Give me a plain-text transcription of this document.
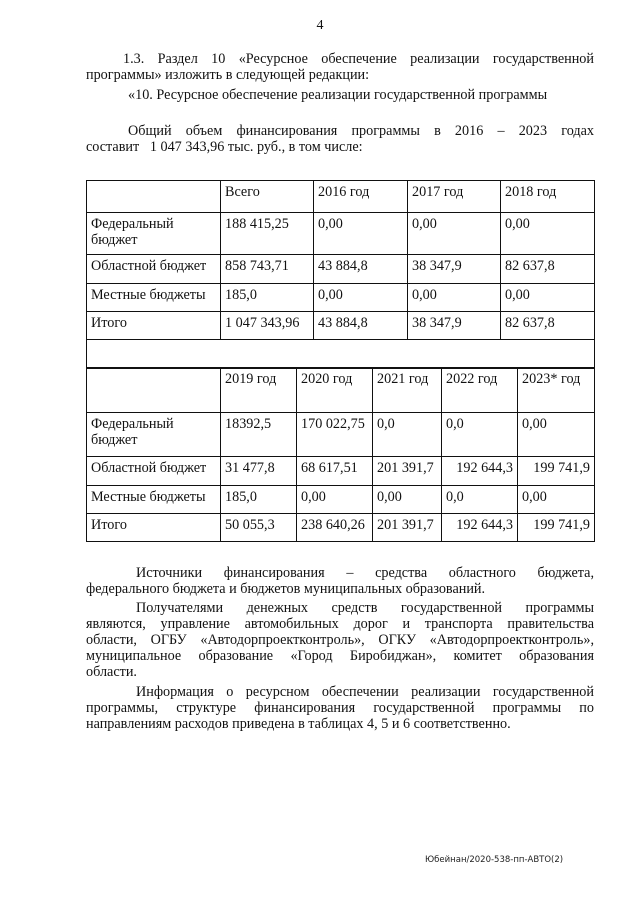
4
1.3. Раздел 10 «Ресурсное обеспечение реализации государственной
программы» изложить в следующей редакции:
«10. Ресурсное обеспечение реализации государственной программы
Общий объем финансирования программы в 2016 – 2023 годах
составит   1 047 343,96 тыс. руб., в том числе:
	Всего	2016 год	2017 год	2018 год
Федеральный бюджет	188 415,25	0,00	0,00	0,00
Областной бюджет	858 743,71	43 884,8	38 347,9	82 637,8
Местные бюджеты	185,0	0,00	0,00	0,00
Итого	1 047 343,96	43 884,8	38 347,9	82 637,8
	2019 год	2020 год	2021 год	2022 год	2023* год
Федеральный бюджет	18392,5	170 022,75	0,0	0,0	0,00
Областной бюджет	31 477,8	68 617,51	201 391,7	192 644,3	199 741,9
Местные бюджеты	185,0	0,00	0,00	0,0	0,00
Итого	50 055,3	238 640,26	201 391,7	192 644,3	199 741,9
Источники финансирования – средства областного бюджета,
федерального бюджета и бюджетов муниципальных образований.
Получателями денежных средств государственной программы
являются, управление автомобильных дорог и транспорта правительства
области, ОГБУ «Автодорпроектконтроль», ОГКУ «Автодорпроектконтроль»,
муниципальное образование «Город Биробиджан», комитет образования
области.
Информация о ресурсном обеспечении реализации государственной
программы, структуре финансирования государственной программы по
направлениям расходов приведена в таблицах 4, 5 и 6 соответственно.
Юбейнан/2020-538-пп-АВТО(2)
